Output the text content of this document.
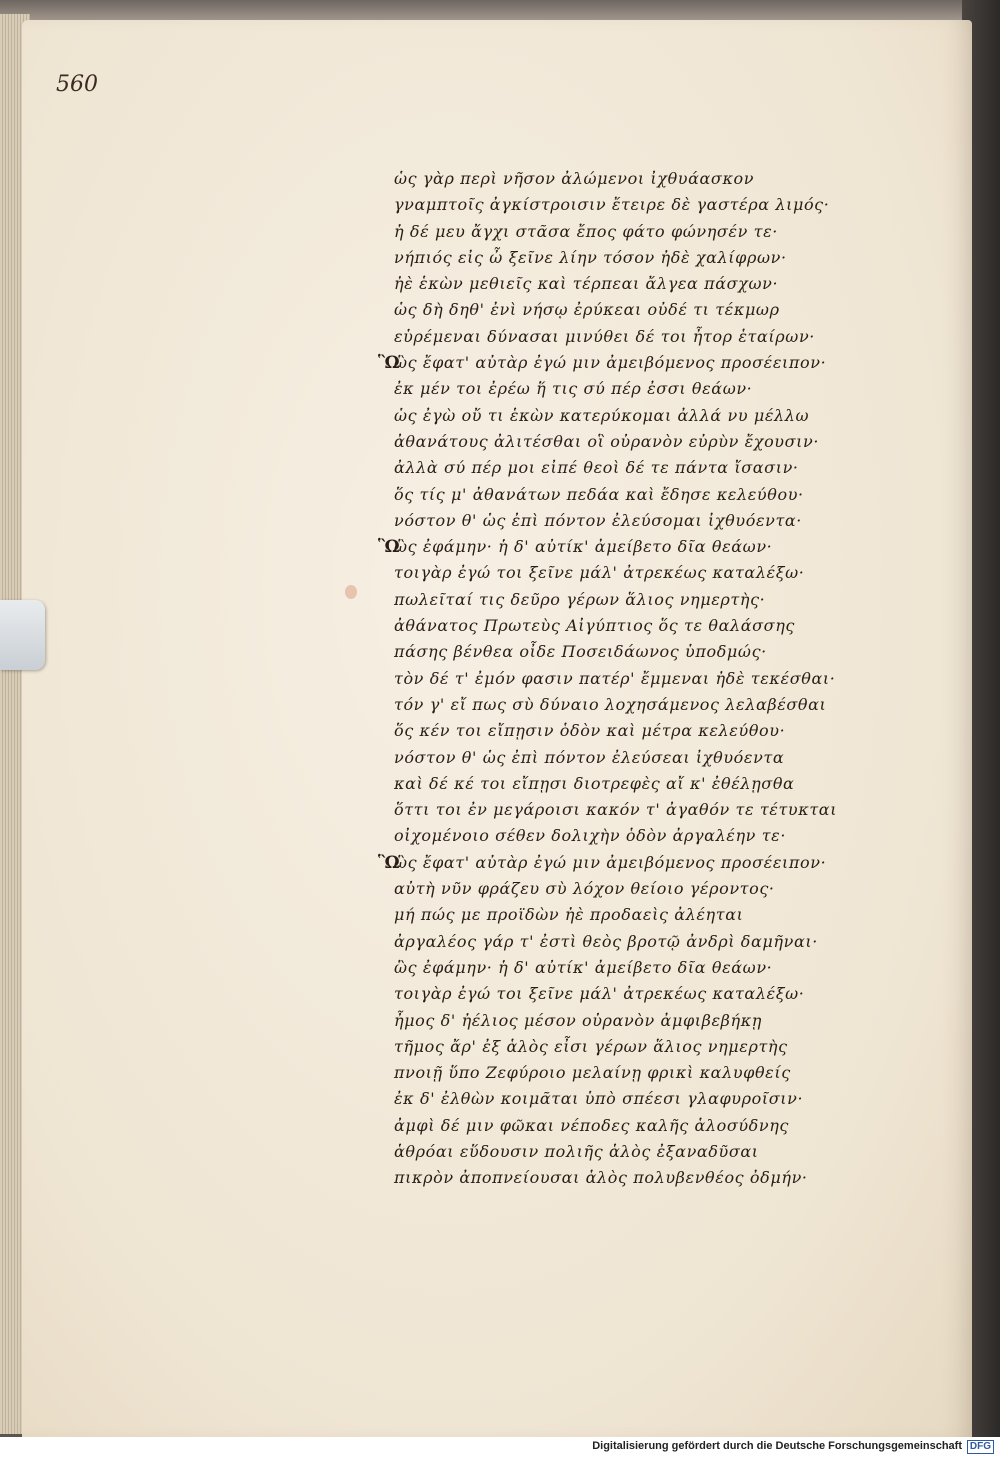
560
ὡς γὰρ περὶ νῆσον ἀλώμενοι ἰχθυάασκον
γναμπτοῖς ἀγκίστροισιν ἔτειρε δὲ γαστέρα λιμός·
ἡ δέ μευ ἄγχι στᾶσα ἔπος φάτο φώνησέν τε·
νήπιός εἰς ὦ ξεῖνε λίην τόσον ἠδὲ χαλίφρων·
ἠὲ ἑκὼν μεθιεῖς καὶ τέρπεαι ἄλγεα πάσχων·
ὡς δὴ δηθ' ἐνὶ νήσῳ ἐρύκεαι οὐδέ τι τέκμωρ
εὑρέμεναι δύνασαι μινύθει δέ τοι ἦτορ ἑταίρων·
Ὣ
ὣς ἔφατ' αὐτὰρ ἐγώ μιν ἀμειβόμενος προσέειπον·
ἐκ μέν τοι ἐρέω ἥ τις σύ πέρ ἐσσι θεάων·
ὡς ἐγὼ οὔ τι ἑκὼν κατερύκομαι ἀλλά νυ μέλλω
ἀθανάτους ἀλιτέσθαι οἳ οὐρανὸν εὐρὺν ἔχουσιν·
ἀλλὰ σύ πέρ μοι εἰπέ θεοὶ δέ τε πάντα ἴσασιν·
ὅς τίς μ' ἀθανάτων πεδάα καὶ ἔδησε κελεύθου·
νόστον θ' ὡς ἐπὶ πόντον ἐλεύσομαι ἰχθυόεντα·
Ὣ
ὣς ἐφάμην· ἡ δ' αὐτίκ' ἀμείβετο δῖα θεάων·
τοιγὰρ ἐγώ τοι ξεῖνε μάλ' ἀτρεκέως καταλέξω·
πωλεῖταί τις δεῦρο γέρων ἅλιος νημερτὴς·
ἀθάνατος Πρωτεὺς Αἰγύπτιος ὅς τε θαλάσσης
πάσης βένθεα οἶδε Ποσειδάωνος ὑποδμώς·
τὸν δέ τ' ἐμόν φασιν πατέρ' ἔμμεναι ἠδὲ τεκέσθαι·
τόν γ' εἴ πως σὺ δύναιο λοχησάμενος λελαβέσθαι
ὅς κέν τοι εἴπῃσιν ὁδὸν καὶ μέτρα κελεύθου·
νόστον θ' ὡς ἐπὶ πόντον ἐλεύσεαι ἰχθυόεντα
καὶ δέ κέ τοι εἴπῃσι διοτρεφὲς αἴ κ' ἐθέλῃσθα
ὅττι τοι ἐν μεγάροισι κακόν τ' ἀγαθόν τε τέτυκται
οἰχομένοιο σέθεν δολιχὴν ὁδὸν ἀργαλέην τε·
Ὣ
ὣς ἔφατ' αὐτὰρ ἐγώ μιν ἀμειβόμενος προσέειπον·
αὐτὴ νῦν φράζευ σὺ λόχον θείοιο γέροντος·
μή πώς με προϊδὼν ἠὲ προδαεὶς ἀλέηται
ἀργαλέος γάρ τ' ἐστὶ θεὸς βροτῷ ἀνδρὶ δαμῆναι·
ὣς ἐφάμην· ἡ δ' αὐτίκ' ἀμείβετο δῖα θεάων·
τοιγὰρ ἐγώ τοι ξεῖνε μάλ' ἀτρεκέως καταλέξω·
ἦμος δ' ἠέλιος μέσον οὐρανὸν ἀμφιβεβήκῃ
τῆμος ἄρ' ἐξ ἁλὸς εἶσι γέρων ἅλιος νημερτὴς
πνοιῇ ὕπο Ζεφύροιο μελαίνῃ φρικὶ καλυφθείς
ἐκ δ' ἐλθὼν κοιμᾶται ὑπὸ σπέεσι γλαφυροῖσιν·
ἀμφὶ δέ μιν φῶκαι νέποδες καλῆς ἁλοσύδνης
ἁθρόαι εὕδουσιν πολιῆς ἁλὸς ἐξαναδῦσαι
πικρὸν ἀποπνείουσαι ἁλὸς πολυβενθέος ὀδμήν·
Digitalisierung gefördert durch die Deutsche Forschungsgemeinschaft DFG
